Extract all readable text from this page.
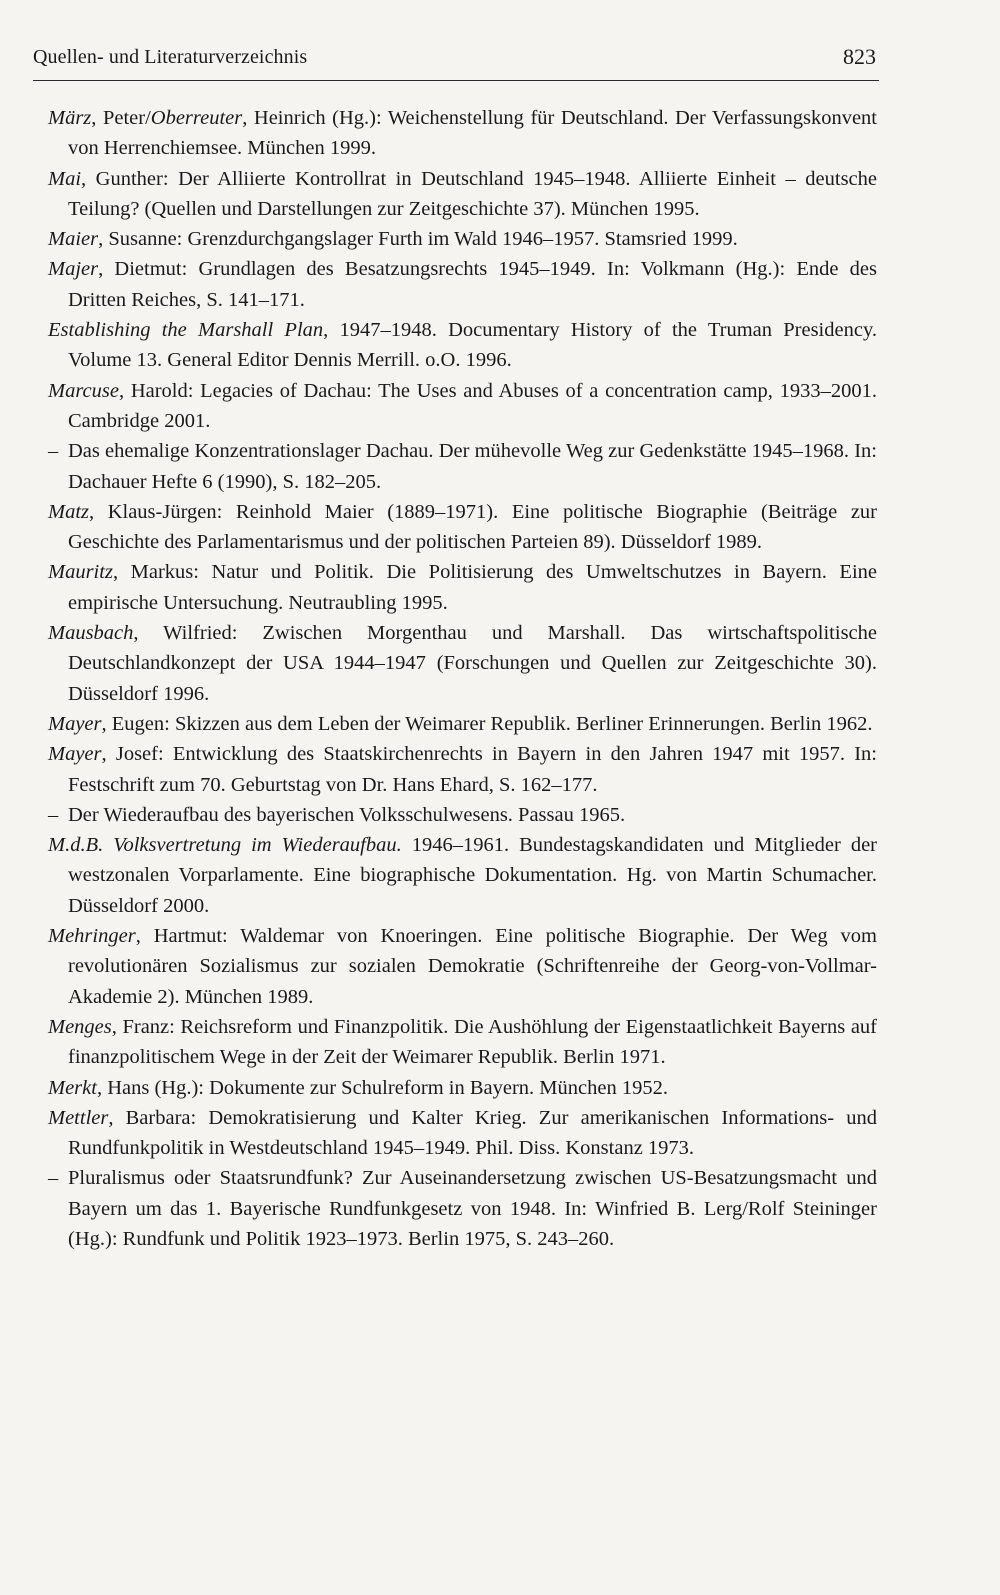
Quellen- und Literaturverzeichnis	823
März, Peter/Oberreuter, Heinrich (Hg.): Weichenstellung für Deutschland. Der Verfassungskonvent von Herrenchiemsee. München 1999.
Mai, Gunther: Der Alliierte Kontrollrat in Deutschland 1945–1948. Alliierte Einheit – deutsche Teilung? (Quellen und Darstellungen zur Zeitgeschichte 37). München 1995.
Maier, Susanne: Grenzdurchgangslager Furth im Wald 1946–1957. Stamsried 1999.
Majer, Dietmut: Grundlagen des Besatzungsrechts 1945–1949. In: Volkmann (Hg.): Ende des Dritten Reiches, S. 141–171.
Establishing the Marshall Plan, 1947–1948. Documentary History of the Truman Presidency. Volume 13. General Editor Dennis Merrill. o.O. 1996.
Marcuse, Harold: Legacies of Dachau: The Uses and Abuses of a concentration camp, 1933–2001. Cambridge 2001.
– Das ehemalige Konzentrationslager Dachau. Der mühevolle Weg zur Gedenkstätte 1945–1968. In: Dachauer Hefte 6 (1990), S. 182–205.
Matz, Klaus-Jürgen: Reinhold Maier (1889–1971). Eine politische Biographie (Beiträge zur Geschichte des Parlamentarismus und der politischen Parteien 89). Düsseldorf 1989.
Mauritz, Markus: Natur und Politik. Die Politisierung des Umweltschutzes in Bayern. Eine empirische Untersuchung. Neutraubling 1995.
Mausbach, Wilfried: Zwischen Morgenthau und Marshall. Das wirtschaftspolitische Deutschlandkonzept der USA 1944–1947 (Forschungen und Quellen zur Zeitgeschichte 30). Düsseldorf 1996.
Mayer, Eugen: Skizzen aus dem Leben der Weimarer Republik. Berliner Erinnerungen. Berlin 1962.
Mayer, Josef: Entwicklung des Staatskirchenrechts in Bayern in den Jahren 1947 mit 1957. In: Festschrift zum 70. Geburtstag von Dr. Hans Ehard, S. 162–177.
– Der Wiederaufbau des bayerischen Volksschulwesens. Passau 1965.
M.d.B. Volksvertretung im Wiederaufbau. 1946–1961. Bundestagskandidaten und Mitglieder der westzonalen Vorparlamente. Eine biographische Dokumentation. Hg. von Martin Schumacher. Düsseldorf 2000.
Mehringer, Hartmut: Waldemar von Knoeringen. Eine politische Biographie. Der Weg vom revolutionären Sozialismus zur sozialen Demokratie (Schriftenreihe der Georg-von-Vollmar-Akademie 2). München 1989.
Menges, Franz: Reichsreform und Finanzpolitik. Die Aushöhlung der Eigenstaatlichkeit Bayerns auf finanzpolitischem Wege in der Zeit der Weimarer Republik. Berlin 1971.
Merkt, Hans (Hg.): Dokumente zur Schulreform in Bayern. München 1952.
Mettler, Barbara: Demokratisierung und Kalter Krieg. Zur amerikanischen Informations- und Rundfunkpolitik in Westdeutschland 1945–1949. Phil. Diss. Konstanz 1973.
– Pluralismus oder Staatsrundfunk? Zur Auseinandersetzung zwischen US-Besatzungsmacht und Bayern um das 1. Bayerische Rundfunkgesetz von 1948. In: Winfried B. Lerg/Rolf Steininger (Hg.): Rundfunk und Politik 1923–1973. Berlin 1975, S. 243–260.
